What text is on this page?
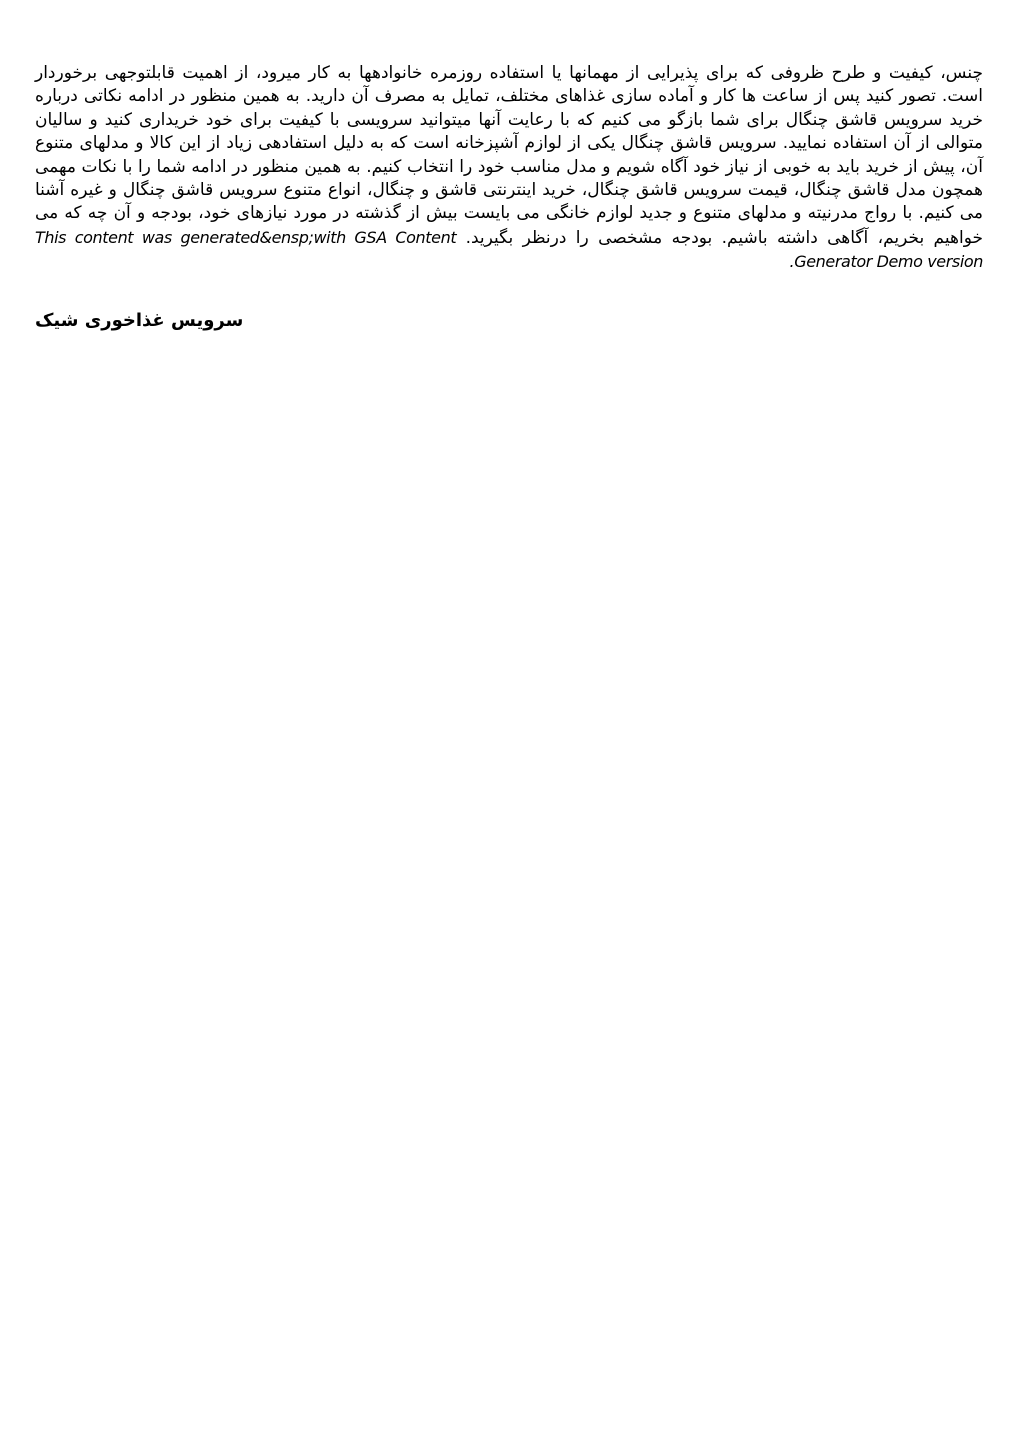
چنس، کیفیت و طرح ظروفی که برای پذیرایی از مهمانها یا استفاده روزمره خانوادهها به کار میرود، از اهمیت قابلتوجهی برخوردار است. تصور کنید پس از ساعت ها کار و آماده سازی غذاهای مختلف، تمایل به مصرف آن دارید. به همین منظور در ادامه نکاتی درباره خرید سرویس قاشق چنگال برای شما بازگو می کنیم که با رعایت آنها میتوانید سرویسی با کیفیت برای خود خریداری کنید و سالیان متوالی از آن استفاده نمایید. سرویس قاشق چنگال یکی از لوازم آشپزخانه است که به دلیل استفادهی زیاد از این کالا و مدلهای متنوع آن، پیش از خرید باید به خوبی از نیاز خود آگاه شویم و مدل مناسب خود را انتخاب کنیم. به همین منظور در ادامه شما را با نکات مهمی همچون مدل قاشق چنگال، قیمت سرویس قاشق چنگال، خرید اینترنتی قاشق و چنگال، انواع متنوع سرویس قاشق چنگال و غیره آشنا می کنیم. با رواج مدرنیته و مدلهای متنوع و جدید لوازم خانگی می بایست بیش از گذشته در مورد نیازهای خود، بودجه و آن چه که می خواهیم بخریم، آگاهی داشته باشیم. بودجه مشخصی را درنظر بگیرید. This content was generated&ensp;with GSA Content Generator Demo version.

سرویس غذاخوری شیک
